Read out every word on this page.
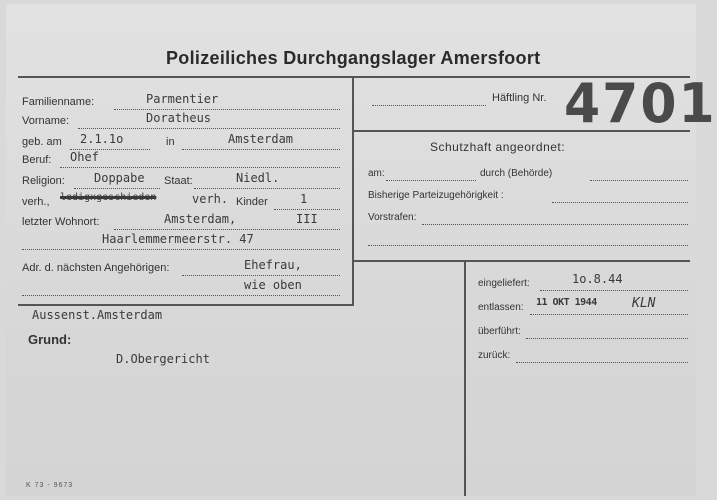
Polizeiliches Durchgangslager Amersfoort
Häftling Nr. 4701
Familienname:	Parmentier
Vorname:	Doratheus
geb. am 2.1.1o	in	Amsterdam
Beruf: Ohef
Religion: Doppabe Staat:	Niedl.
verh., ledigxgeschieden	verh. Kinder	1
letzter Wohnort:	Amsterdam,	III
Haarlemmermeerstr. 47
Adr. d. nächsten Angehörigen:	Ehefrau,
wie oben
Schutzhaft angeordnet:
am:	durch (Behörde)
Bisherige Parteizugehörigkeit :
Vorstrafen:
Aussenst.Amsterdam
Grund:
D.Obergericht
eingeliefert:	1o.8.44
entlassen: 11 OKT 1944	KLN
überführt:
zurück:
K 73 - 9673
